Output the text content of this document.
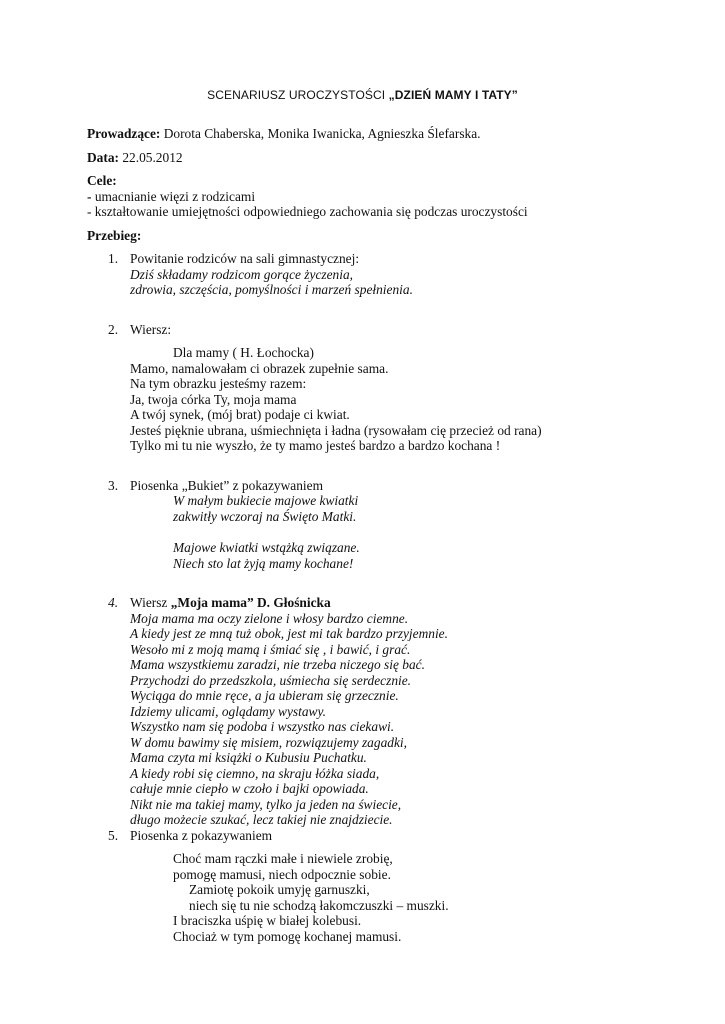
SCENARIUSZ UROCZYSTOŚCI „DZIEŃ MAMY I TATY”
Prowadzące: Dorota Chaberska, Monika Iwanicka, Agnieszka Ślefarska.
Data: 22.05.2012
Cele:
- umacnianie więzi z rodzicami
- kształtowanie umiejętności odpowiedniego zachowania się podczas uroczystości
Przebieg:
1. Powitanie rodziców na sali gimnastycznej:
Dziś składamy rodzicom gorące życzenia,
zdrowia, szczęścia, pomyślności i marzeń spełnienia.
2. Wiersz:
Dla mamy ( H. Łochocka)
Mamo, namalowałam ci obrazek zupełnie sama.
Na tym obrazku jesteśmy razem:
Ja, twoja córka Ty, moja mama
A twój synek, (mój brat) podaje ci kwiat.
Jesteś pięknie ubrana, uśmiechnięta i ładna (rysowałam cię przecież od rana)
Tylko mi tu nie wyszło, że ty mamo jesteś bardzo a bardzo kochana !
3. Piosenka „Bukiet” z pokazywaniem
W małym bukiecie majowe kwiatki
zakwitły wczoraj na Święto Matki.
Majowe kwiatki wstążką związane.
Niech sto lat żyją mamy kochane!
4. Wiersz „Moja mama” D. Głośnicka
Moja mama ma oczy zielone i włosy bardzo ciemne.
A kiedy jest ze mną tuż obok, jest mi tak bardzo przyjemnie.
Wesoło mi z moją mamą i śmiać się , i bawić, i grać.
Mama wszystkiemu zaradzi, nie trzeba niczego się bać.
Przychodzi do przedszkola, uśmiecha się serdecznie.
Wyciąga do mnie ręce, a ja ubieram się grzecznie.
Idziemy ulicami, oglądamy wystawy.
Wszystko nam się podoba i wszystko nas ciekawi.
W domu bawimy się misiem, rozwiązujemy zagadki,
Mama czyta mi książki o Kubusiu Puchatku.
A kiedy robi się ciemno, na skraju łóżka siada,
całuje mnie ciepło w czoło i bajki opowiada.
Nikt nie ma takiej mamy, tylko ja jeden na świecie,
długo możecie szukać, lecz takiej nie znajdziecie.
5. Piosenka z pokazywaniem
Choć mam rączki małe i niewiele zrobię,
pomogę mamusi, niech odpocznie sobie.
Zamiotę pokoik umyję garnuszki,
niech się tu nie schodzą łakomczuszki – muszki.
I braciszka uśpię w białej kolebusi.
Chociaż w tym pomogę kochanej mamusi.
